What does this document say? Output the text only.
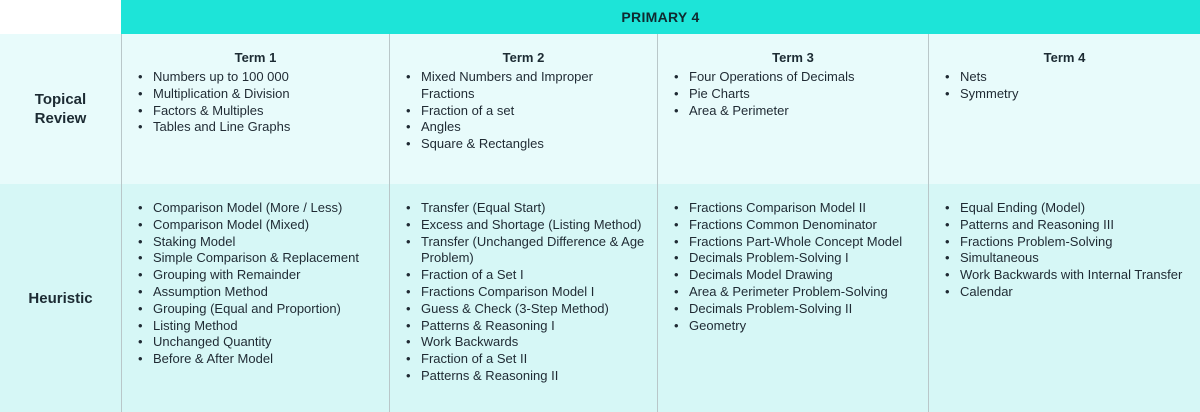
PRIMARY 4
Topical Review
Term 1
• Numbers up to 100 000
• Multiplication & Division
• Factors & Multiples
• Tables and Line Graphs
Term 2
• Mixed Numbers and Improper Fractions
• Fraction of a set
• Angles
• Square & Rectangles
Term 3
• Four Operations of Decimals
• Pie Charts
• Area & Perimeter
Term 4
• Nets
• Symmetry
Heuristic
• Comparison Model (More / Less)
• Comparison Model (Mixed)
• Staking Model
• Simple Comparison & Replacement
• Grouping with Remainder
• Assumption Method
• Grouping (Equal and Proportion)
• Listing Method
• Unchanged Quantity
• Before & After Model
• Transfer (Equal Start)
• Excess and Shortage (Listing Method)
• Transfer (Unchanged Difference & Age Problem)
• Fraction of a Set I
• Fractions Comparison Model I
• Guess & Check (3-Step Method)
• Patterns & Reasoning I
• Work Backwards
• Fraction of a Set II
• Patterns & Reasoning II
• Fractions Comparison Model II
• Fractions Common Denominator
• Fractions Part-Whole Concept Model
• Decimals Problem-Solving I
• Decimals Model Drawing
• Area & Perimeter Problem-Solving
• Decimals Problem-Solving II
• Geometry
• Equal Ending (Model)
• Patterns and Reasoning III
• Fractions Problem-Solving
• Simultaneous
• Work Backwards with Internal Transfer
• Calendar
